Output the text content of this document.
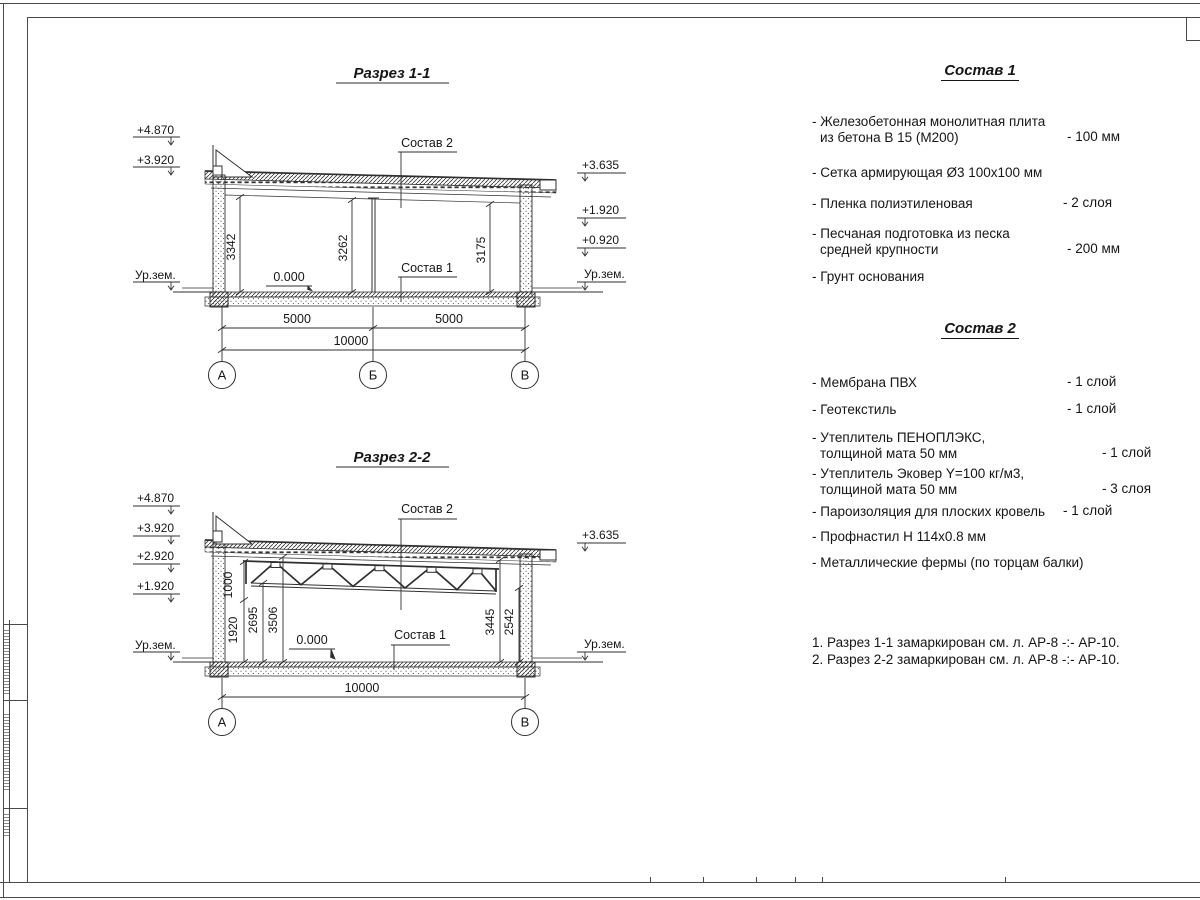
Разрез 1-1
+4.870
+3.920
Ур.зем.
+3.635
+1.920
+0.920
Ур.зем.
3342	3262	3175
Состав 2
Состав 1
0.000
5000	5000
10000
А	Б	В
Разрез 2-2
+4.870
+3.920
+2.920
+1.920
Ур.зем.
+3.635
Ур.зем.
1000
1920 2695 3506	3445 2542
Состав 2
Состав 1
0.000
10000
А	В
Состав 1
- Железобетонная монолитная плита
из бетона В 15 (М200)	- 100 мм
- Сетка армирующая Ø3 100х100 мм
- Пленка полиэтиленовая	- 2 слоя
- Песчаная подготовка из песка
средней крупности	- 200 мм
- Грунт основания
Состав 2
- Мембрана ПВХ	- 1 слой
- Геотекстиль	- 1 слой
- Утеплитель ПЕНОПЛЭКС,
толщиной мата 50 мм	- 1 слой
- Утеплитель Эковер Y=100 кг/м3,
толщиной мата 50 мм	- 3 слоя
- Пароизоляция для плоских кровель	- 1 слой
- Профнастил Н 114х0.8 мм
- Металлические фермы (по торцам балки)
1. Разрез 1-1 замаркирован см. л. АР-8 -:- АР-10.
2. Разрез 2-2 замаркирован см. л. АР-8 -:- АР-10.
